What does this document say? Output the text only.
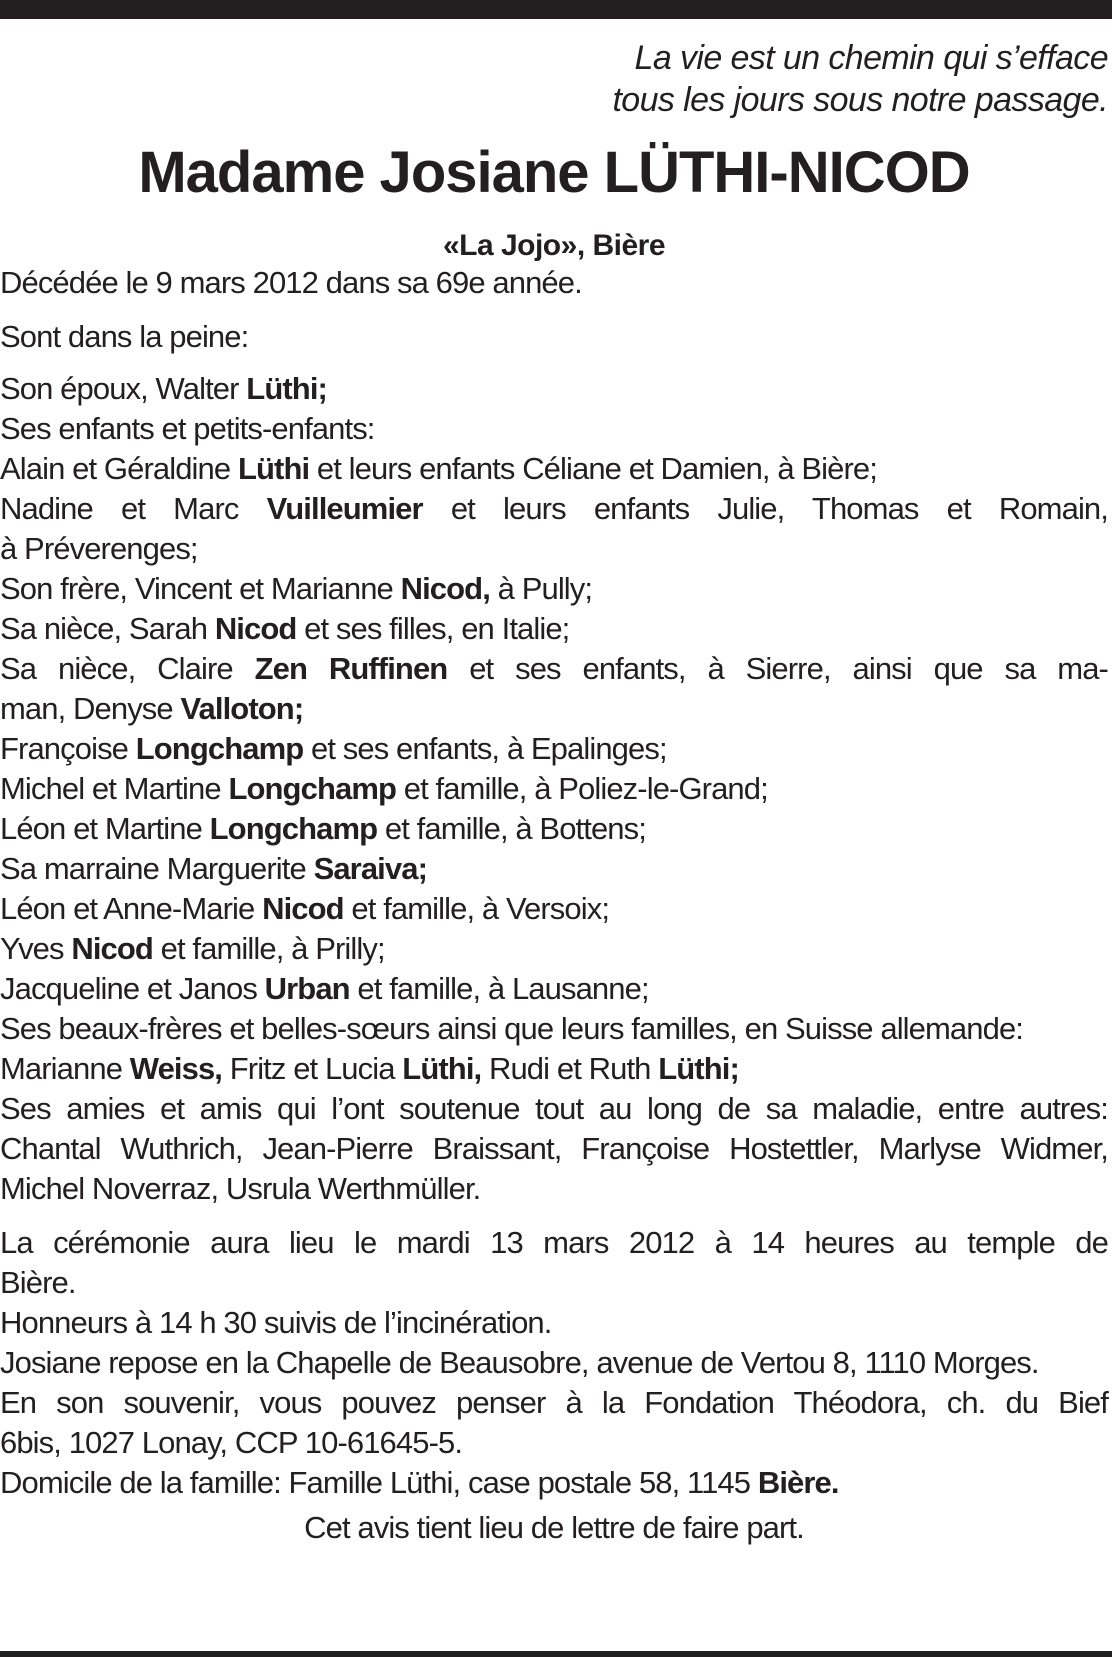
La vie est un chemin qui s’efface
tous les jours sous notre passage.
Madame Josiane LÜTHI-NICOD
«La Jojo», Bière
Décédée le 9 mars 2012 dans sa 69e année.
Sont dans la peine:
Son époux, Walter Lüthi;
Ses enfants et petits-enfants:
Alain et Géraldine Lüthi et leurs enfants Céliane et Damien, à Bière;
Nadine et Marc Vuilleumier et leurs enfants Julie, Thomas et Romain,
à Préverenges;
Son frère, Vincent et Marianne Nicod, à Pully;
Sa nièce, Sarah Nicod et ses filles, en Italie;
Sa nièce, Claire Zen Ruffinen et ses enfants, à Sierre, ainsi que sa ma-
man, Denyse Valloton;
Françoise Longchamp et ses enfants, à Epalinges;
Michel et Martine Longchamp et famille, à Poliez-le-Grand;
Léon et Martine Longchamp et famille, à Bottens;
Sa marraine Marguerite Saraiva;
Léon et Anne-Marie Nicod et famille, à Versoix;
Yves Nicod et famille, à Prilly;
Jacqueline et Janos Urban et famille, à Lausanne;
Ses beaux-frères et belles-sœurs ainsi que leurs familles, en Suisse allemande:
Marianne Weiss, Fritz et Lucia Lüthi, Rudi et Ruth Lüthi;
Ses amies et amis qui l’ont soutenue tout au long de sa maladie, entre autres:
Chantal Wuthrich, Jean-Pierre Braissant, Françoise Hostettler, Marlyse Widmer,
Michel Noverraz, Usrula Werthmüller.
La cérémonie aura lieu le mardi 13 mars 2012 à 14 heures au temple de
Bière.
Honneurs à 14 h 30 suivis de l’incinération.
Josiane repose en la Chapelle de Beausobre, avenue de Vertou 8, 1110 Morges.
En son souvenir, vous pouvez penser à la Fondation Théodora, ch. du Bief
6bis, 1027 Lonay, CCP 10-61645-5.
Domicile de la famille: Famille Lüthi, case postale 58, 1145 Bière.
Cet avis tient lieu de lettre de faire part.
